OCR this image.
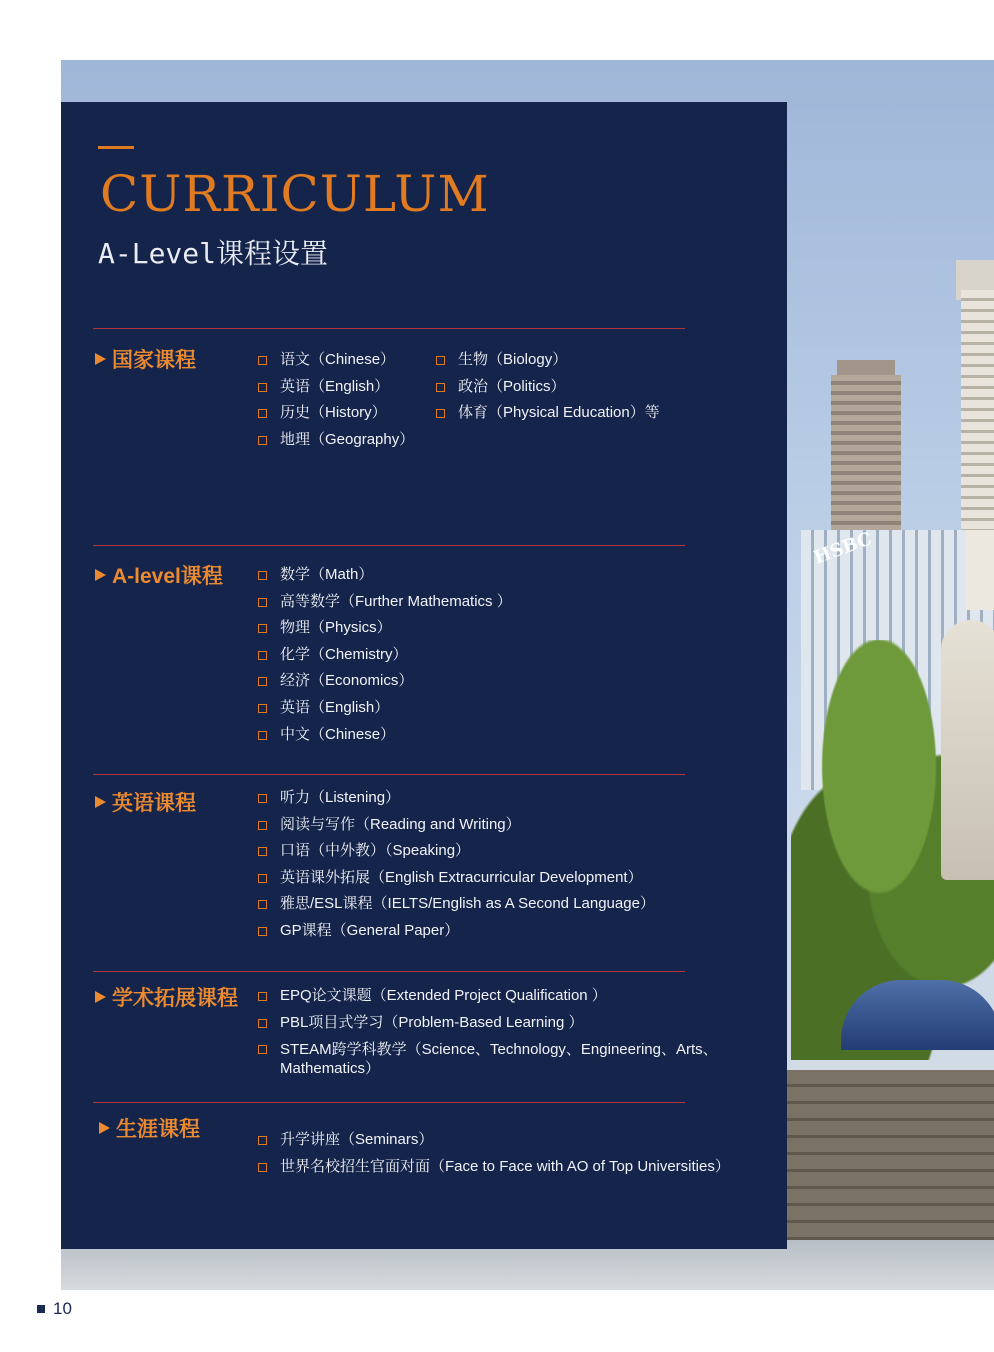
HSBC
CURRICULUM
A-Level课程设置
国家课程	语文（Chinese）
英语（English）
历史（History）
地理（Geography）
生物（Biology）
政治（Politics）
体育（Physical Education）等
A-level课程	数学（Math）
高等数学（Further Mathematics ）
物理（Physics）
化学（Chemistry）
经济（Economics）
英语（English）
中文（Chinese）
英语课程	听力（Listening）
阅读与写作（Reading and Writing）
口语（中外教）（Speaking）
英语课外拓展（English Extracurricular Development）
雅思/ESL课程（IELTS/English as A Second Language）
GP课程（General Paper）
学术拓展课程	EPQ论文课题（Extended Project Qualification ）
PBL项目式学习（Problem-Based Learning ）
STEAM跨学科教学（Science、Technology、Engineering、Arts、Mathematics）
生涯课程	升学讲座（Seminars）
世界名校招生官面对面（Face to Face with AO of Top Universities）
10
